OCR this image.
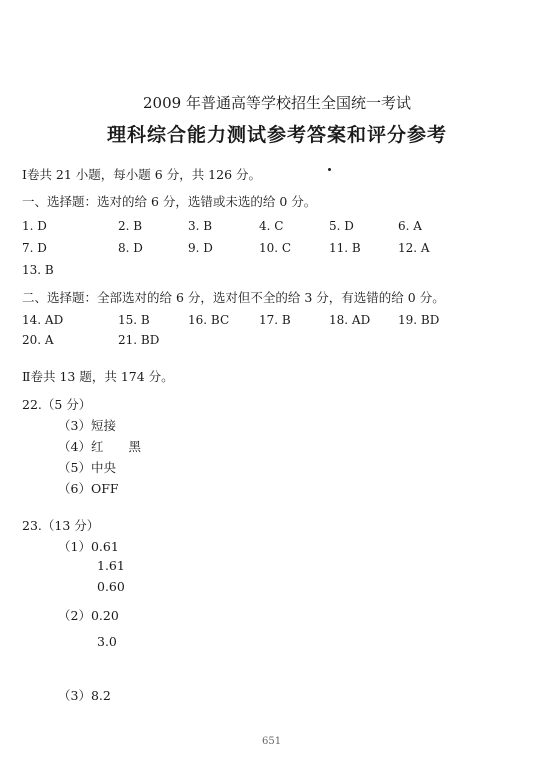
2009 年普通高等学校招生全国统一考试
理科综合能力测试参考答案和评分参考
Ⅰ卷共 21 小题，每小题 6 分，共 126 分。
一、选择题：选对的给 6 分，选错或未选的给 0 分。
1. D	2. B	3. B	4. C	5. D	6. A
7. D	8. D	9. D	10. C	11. B	12. A
13. B
二、选择题：全部选对的给 6 分，选对但不全的给 3 分，有选错的给 0 分。
14. AD	15. B	16. BC 17. B	18. AD 19. BD
20. A	21. BD
Ⅱ卷共 13 题，共 174 分。
22.（5 分）
（3）短接
（4）红　　黑
（5）中央
（6）OFF
23.（13 分）
（1）0.61
1.61
0.60
（2）0.20
3.0
（3）8.2
651
